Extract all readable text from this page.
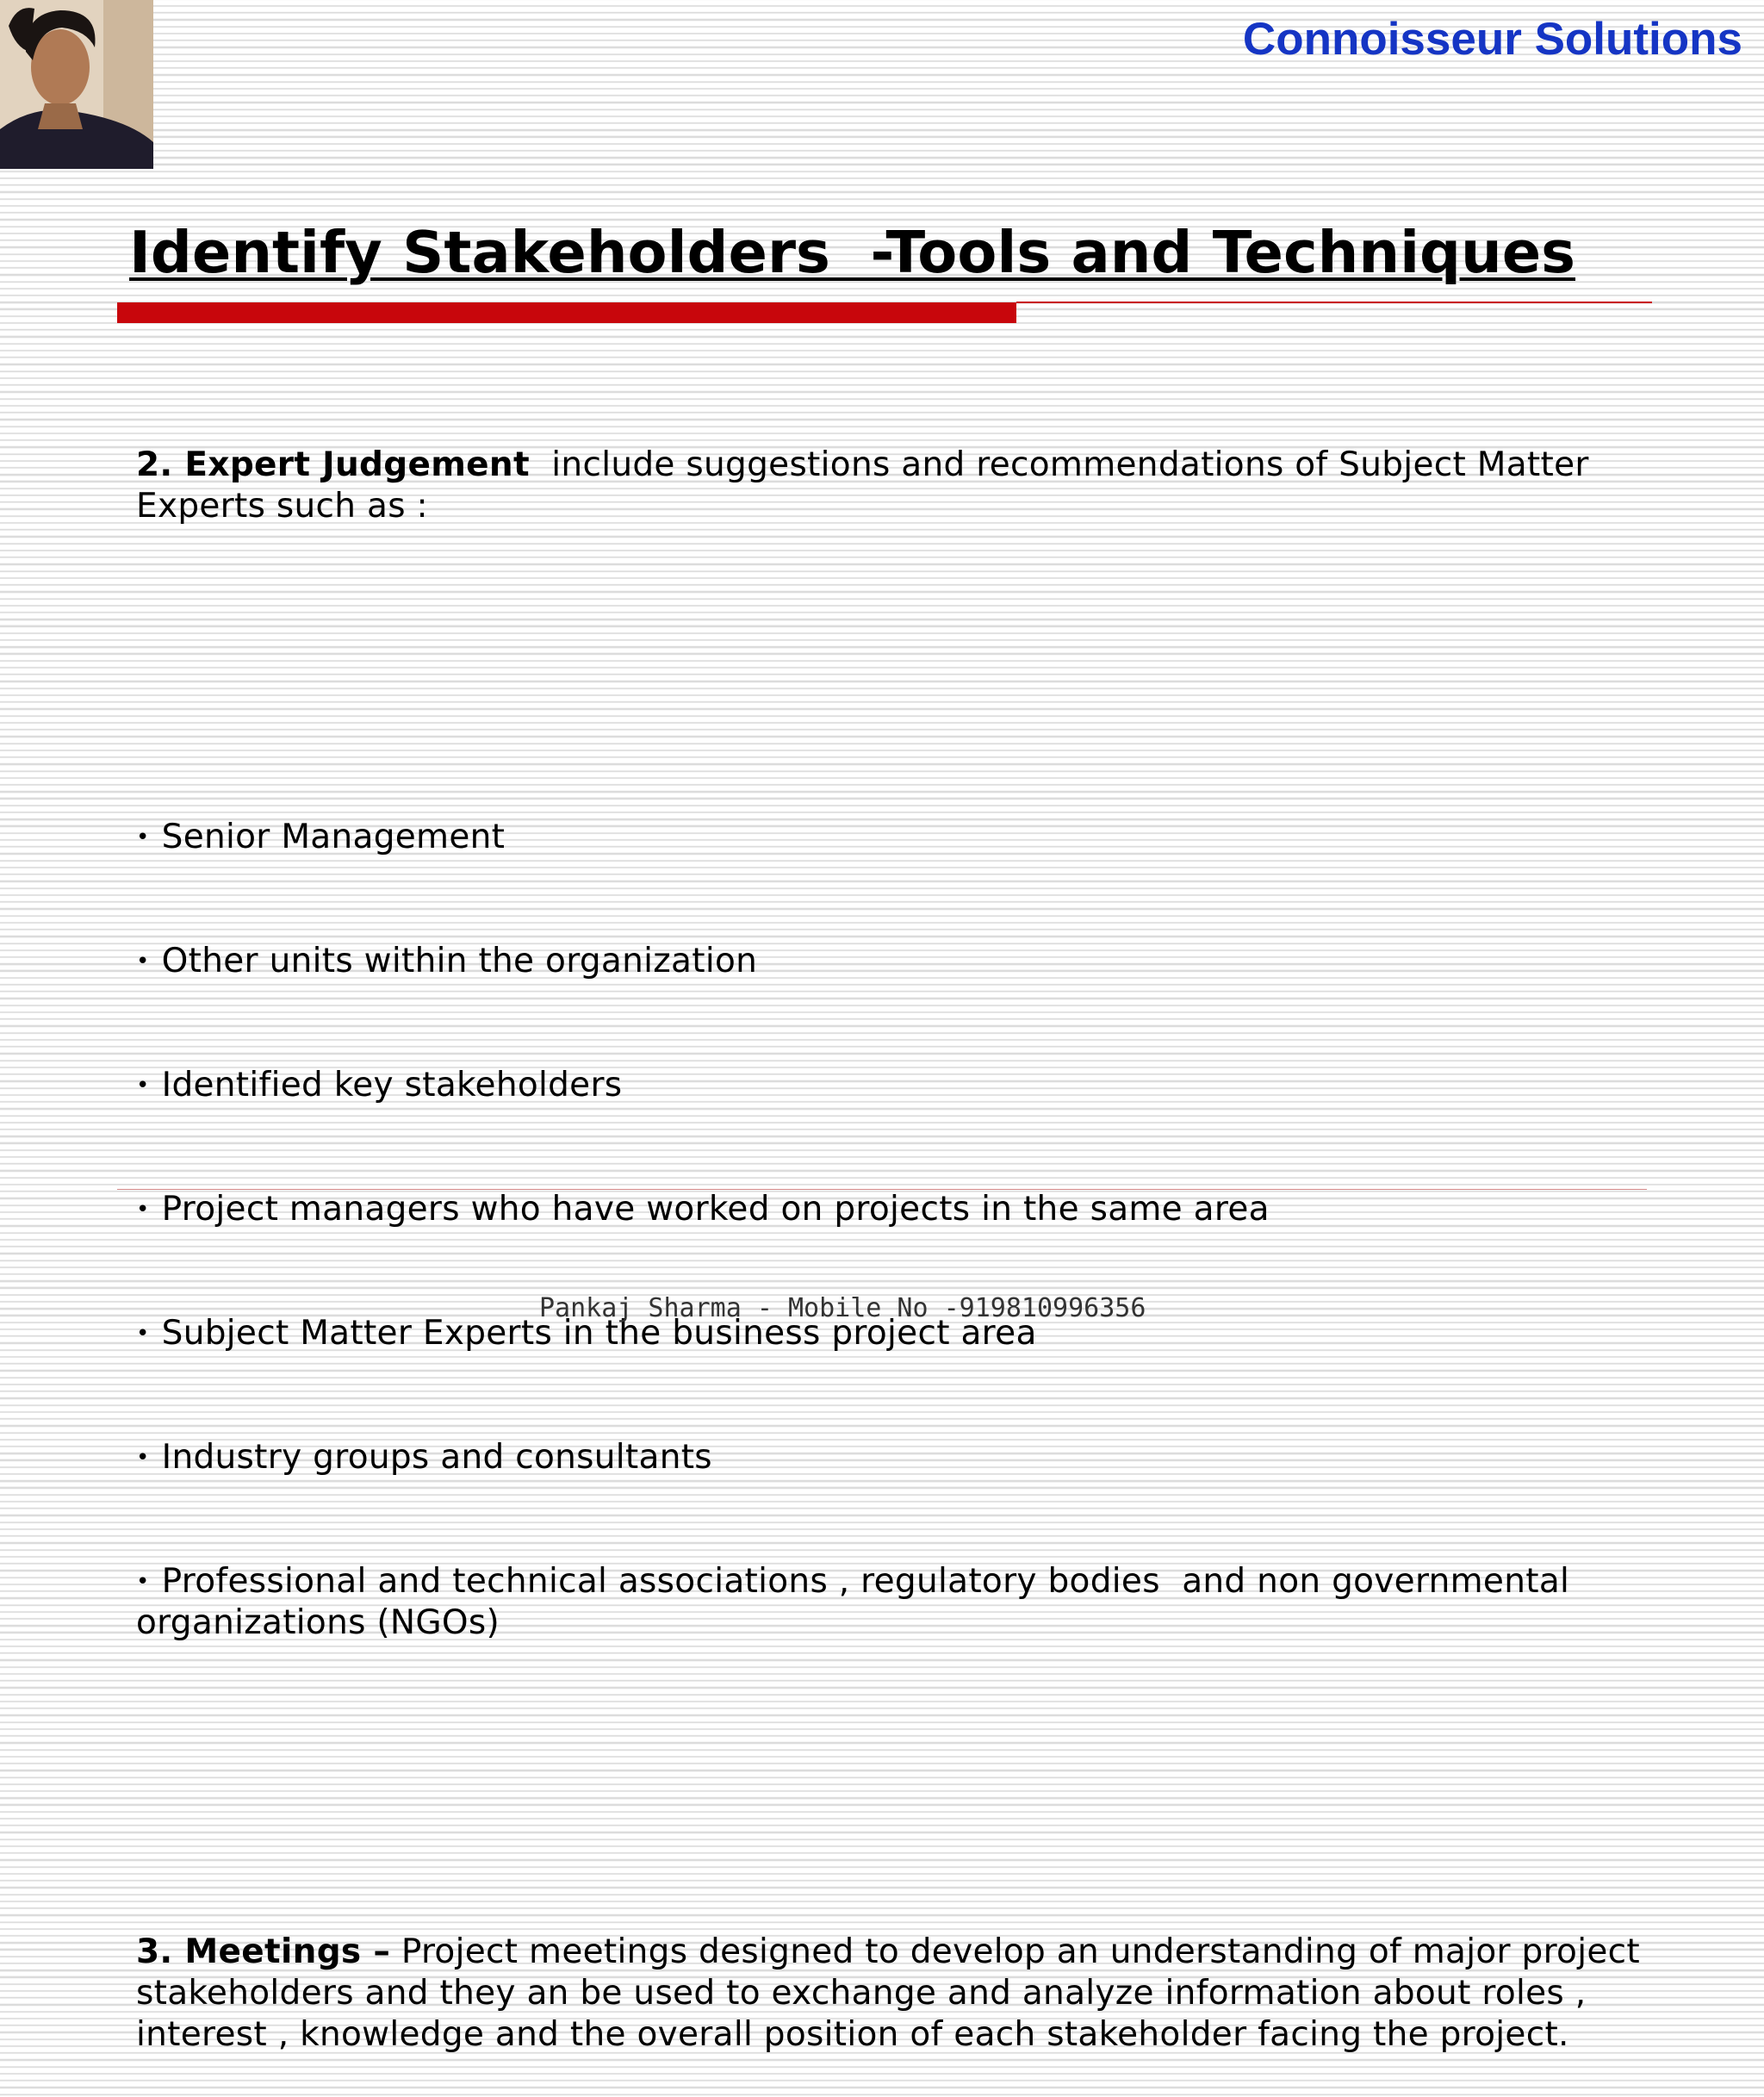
Connoisseur Solutions
Identify Stakeholders  -Tools and Techniques

2. Expert Judgement  include suggestions and recommendations of Subject Matter Experts such as :

• Senior Management

• Other units within the organization

• Identified key stakeholders

• Project managers who have worked on projects in the same area

• Subject Matter Experts in the business project area

• Industry groups and consultants

• Professional and technical associations , regulatory bodies  and non governmental organizations (NGOs)

3. Meetings – Project meetings designed to develop an understanding of major project stakeholders and they an be used to exchange and analyze information about roles , interest , knowledge and the overall position of each stakeholder facing the project.

Pankaj Sharma - Mobile No -919810996356
